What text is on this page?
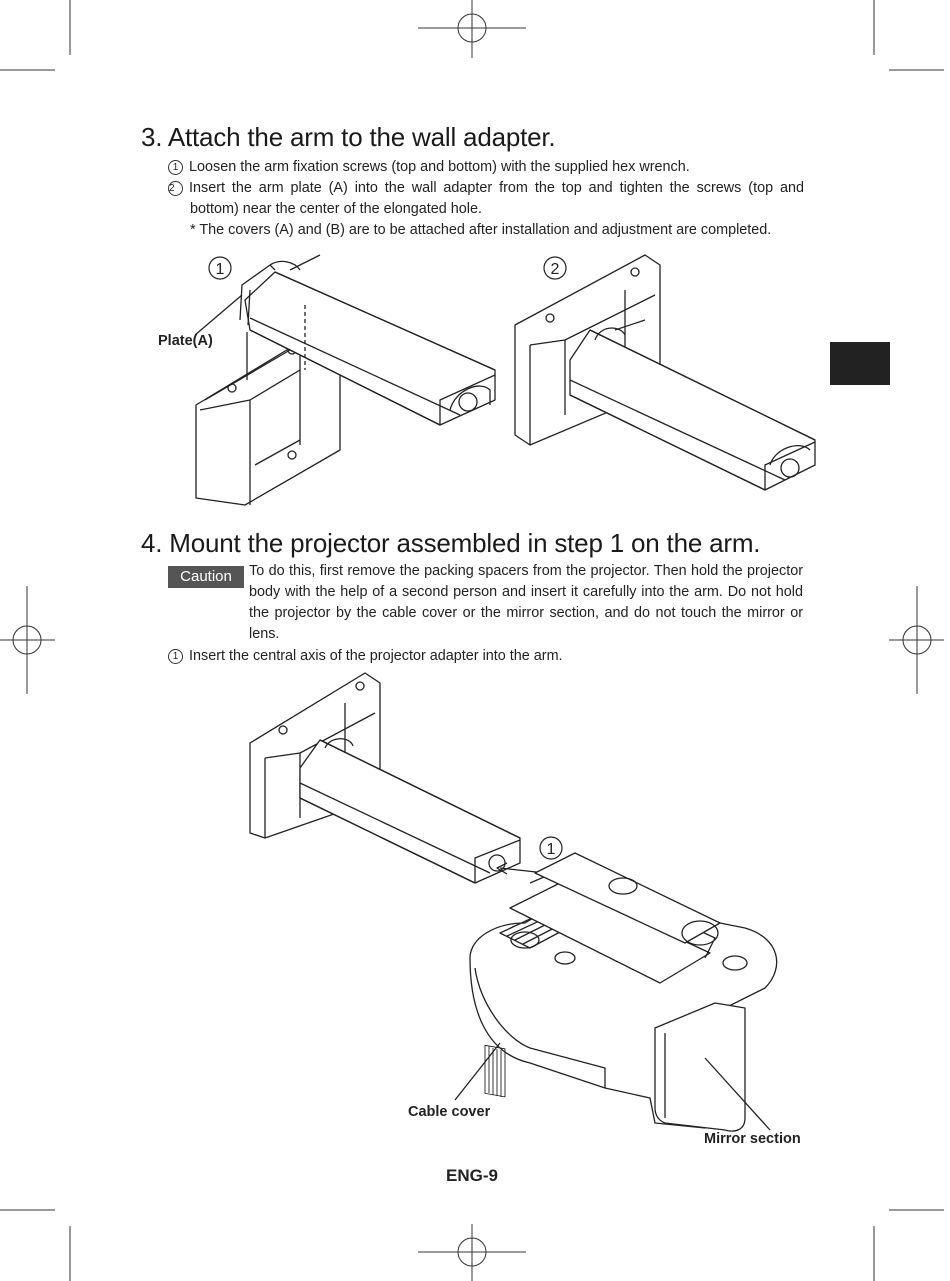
3. Attach the arm to the wall adapter.
1 Loosen the arm fixation screws (top and bottom) with the supplied hex wrench.
2 Insert the arm plate (A) into the wall adapter from the top and tighten the screws (top and
bottom) near the center of the elongated hole.
* The covers (A) and (B) are to be attached after installation and adjustment are completed.
1
Plate(A)
2
4. Mount the projector assembled in step 1 on the arm.
Caution	To do this, first remove the packing spacers from the projector. Then hold the projector body with the help of a second person and insert it carefully into the arm. Do not hold the projector by the cable cover or the mirror section, and do not touch the mirror or lens.
1 Insert the central axis of the projector adapter into the arm.
1
Cable cover
Mirror section
ENG-9
